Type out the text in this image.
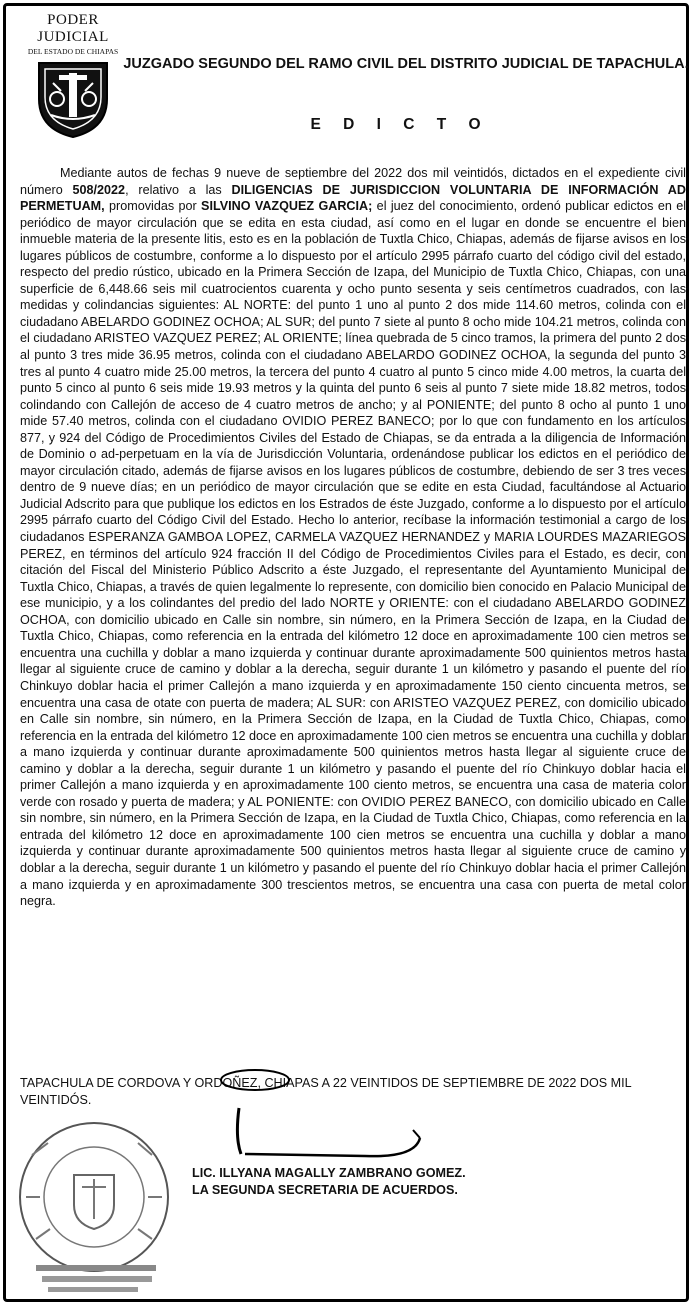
PODER JUDICIAL
DEL ESTADO DE CHIAPAS
JUZGADO SEGUNDO DEL RAMO CIVIL DEL DISTRITO JUDICIAL DE TAPACHULA.
E D I C T O

Mediante autos de fechas 9 nueve de septiembre del 2022 dos mil veintidós, dictados en el expediente civil número 508/2022, relativo a las DILIGENCIAS DE JURISDICCION VOLUNTARIA DE INFORMACIÓN AD PERMETUAM, promovidas por SILVINO VAZQUEZ GARCIA; el juez del conocimiento, ordenó publicar edictos en el periódico de mayor circulación que se edita en esta ciudad, así como en el lugar en donde se encuentre el bien inmueble materia de la presente litis, esto es en la población de Tuxtla Chico, Chiapas, además de fijarse avisos en los lugares públicos de costumbre, conforme a lo dispuesto por el artículo 2995 párrafo cuarto del código civil del estado, respecto del predio rústico, ubicado en la Primera Sección de Izapa, del Municipio de Tuxtla Chico, Chiapas, con una superficie de 6,448.66 seis mil cuatrocientos cuarenta y ocho punto sesenta y seis centímetros cuadrados, con las medidas y colindancias siguientes: AL NORTE: del punto 1 uno al punto 2 dos mide 114.60 metros, colinda con el ciudadano ABELARDO GODINEZ OCHOA; AL SUR; del punto 7 siete al punto 8 ocho mide 104.21 metros, colinda con el ciudadano ARISTEO VAZQUEZ PEREZ; AL ORIENTE; línea quebrada de 5 cinco tramos, la primera del punto 2 dos al punto 3 tres mide 36.95 metros, colinda con el ciudadano ABELARDO GODINEZ OCHOA, la segunda del punto 3 tres al punto 4 cuatro mide 25.00 metros, la tercera del punto 4 cuatro al punto 5 cinco mide 4.00 metros, la cuarta del punto 5 cinco al punto 6 seis mide 19.93 metros y la quinta del punto 6 seis al punto 7 siete mide 18.82 metros, todos colindando con Callejón de acceso de 4 cuatro metros de ancho; y al PONIENTE; del punto 8 ocho al punto 1 uno mide 57.40 metros, colinda con el ciudadano OVIDIO PEREZ BANECO; por lo que con fundamento en los artículos 877, y 924 del Código de Procedimientos Civiles del Estado de Chiapas, se da entrada a la diligencia de Información de Dominio o ad-perpetuam en la vía de Jurisdicción Voluntaria, ordenándose publicar los edictos en el periódico de mayor circulación citado, además de fijarse avisos en los lugares públicos de costumbre, debiendo de ser 3 tres veces dentro de 9 nueve días; en un periódico de mayor circulación que se edite en esta Ciudad, facultándose al Actuario Judicial Adscrito para que publique los edictos en los Estrados de éste Juzgado, conforme a lo dispuesto por el artículo 2995 párrafo cuarto del Código Civil del Estado. Hecho lo anterior, recíbase la información testimonial a cargo de los ciudadanos ESPERANZA GAMBOA LOPEZ, CARMELA VAZQUEZ HERNANDEZ y MARIA LOURDES MAZARIEGOS PEREZ, en términos del artículo 924 fracción II del Código de Procedimientos Civiles para el Estado, es decir, con citación del Fiscal del Ministerio Público Adscrito a éste Juzgado, el representante del Ayuntamiento Municipal de Tuxtla Chico, Chiapas, a través de quien legalmente lo represente, con domicilio bien conocido en Palacio Municipal de ese municipio, y a los colindantes del predio del lado NORTE y ORIENTE: con el ciudadano ABELARDO GODINEZ OCHOA, con domicilio ubicado en Calle sin nombre, sin número, en la Primera Sección de Izapa, en la Ciudad de Tuxtla Chico, Chiapas, como referencia en la entrada del kilómetro 12 doce en aproximadamente 100 cien metros se encuentra una cuchilla y doblar a mano izquierda y continuar durante aproximadamente 500 quinientos metros hasta llegar al siguiente cruce de camino y doblar a la derecha, seguir durante 1 un kilómetro y pasando el puente del río Chinkuyo doblar hacia el primer Callejón a mano izquierda y en aproximadamente 150 ciento cincuenta metros, se encuentra una casa de otate con puerta de madera; AL SUR: con ARISTEO VAZQUEZ PEREZ, con domicilio ubicado en Calle sin nombre, sin número, en la Primera Sección de Izapa, en la Ciudad de Tuxtla Chico, Chiapas, como referencia en la entrada del kilómetro 12 doce en aproximadamente 100 cien metros se encuentra una cuchilla y doblar a mano izquierda y continuar durante aproximadamente 500 quinientos metros hasta llegar al siguiente cruce de camino y doblar a la derecha, seguir durante 1 un kilómetro y pasando el puente del río Chinkuyo doblar hacia el primer Callejón a mano izquierda y en aproximadamente 100 ciento metros, se encuentra una casa de materia color verde con rosado y puerta de madera; y AL PONIENTE: con OVIDIO PEREZ BANECO, con domicilio ubicado en Calle sin nombre, sin número, en la Primera Sección de Izapa, en la Ciudad de Tuxtla Chico, Chiapas, como referencia en la entrada del kilómetro 12 doce en aproximadamente 100 cien metros se encuentra una cuchilla y doblar a mano izquierda y continuar durante aproximadamente 500 quinientos metros hasta llegar al siguiente cruce de camino y doblar a la derecha, seguir durante 1 un kilómetro y pasando el puente del río Chinkuyo doblar hacia el primer Callejón a mano izquierda y en aproximadamente 300 trescientos metros, se encuentra una casa con puerta de metal color negra.

TAPACHULA DE CORDOVA Y ORDOÑEZ, CHIAPAS A 22 VEINTIDOS DE SEPTIEMBRE DE 2022 DOS MIL VEINTIDÓS.

LIC. ILLYANA MAGALLY ZAMBRANO GOMEZ.
LA SEGUNDA SECRETARIA DE ACUERDOS.
